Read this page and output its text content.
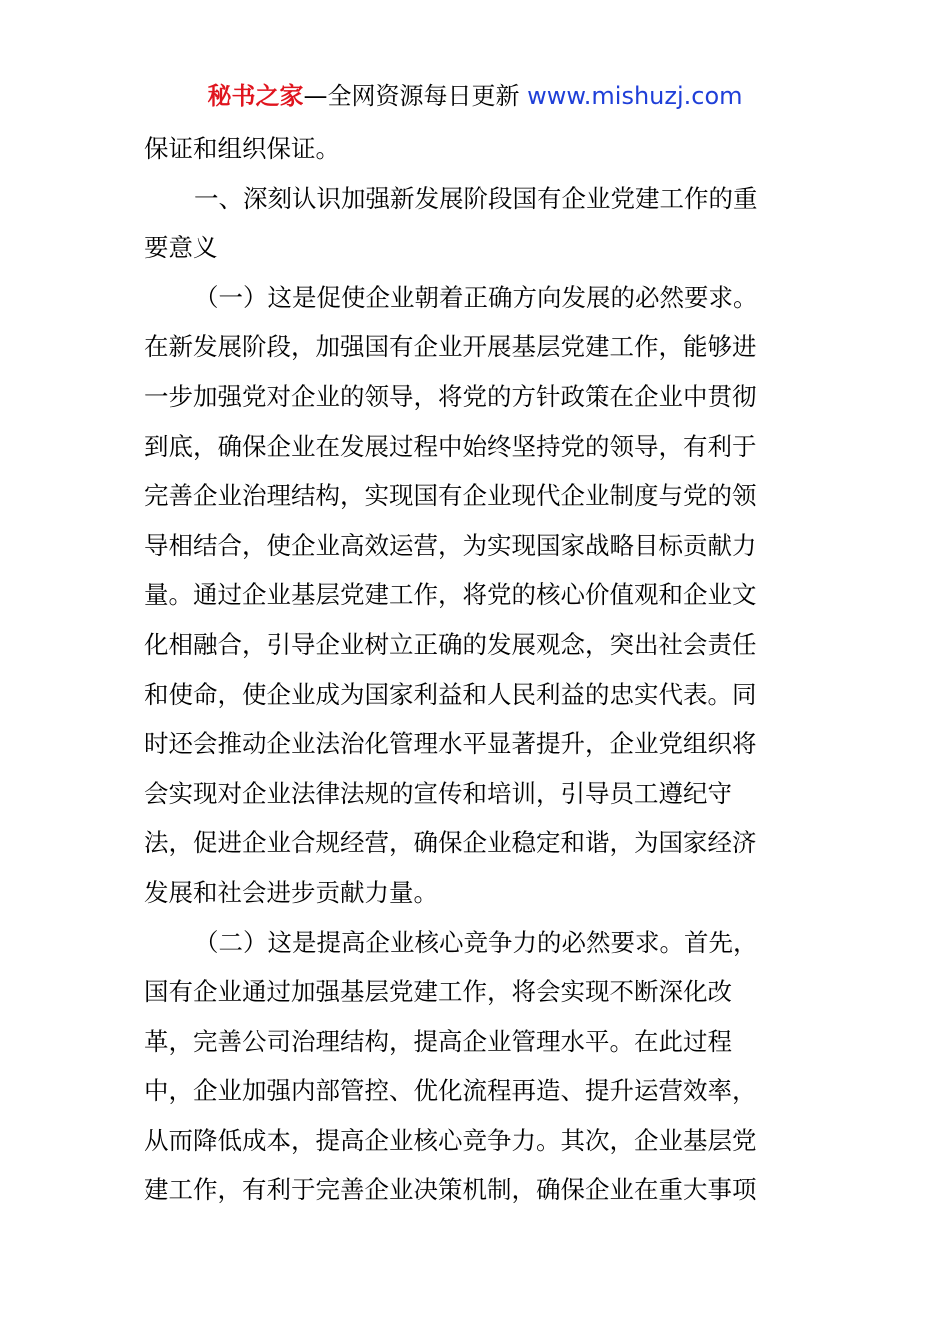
秘书之家—全网资源每日更新 www.mishuzj.com
保证和组织保证。
一、深刻认识加强新发展阶段国有企业党建工作的重
要意义
（一）这是促使企业朝着正确方向发展的必然要求。
在新发展阶段，加强国有企业开展基层党建工作，能够进
一步加强党对企业的领导，将党的方针政策在企业中贯彻
到底，确保企业在发展过程中始终坚持党的领导，有利于
完善企业治理结构，实现国有企业现代企业制度与党的领
导相结合，使企业高效运营，为实现国家战略目标贡献力
量。通过企业基层党建工作，将党的核心价值观和企业文
化相融合，引导企业树立正确的发展观念，突出社会责任
和使命，使企业成为国家利益和人民利益的忠实代表。同
时还会推动企业法治化管理水平显著提升，企业党组织将
会实现对企业法律法规的宣传和培训，引导员工遵纪守
法，促进企业合规经营，确保企业稳定和谐，为国家经济
发展和社会进步贡献力量。
（二）这是提高企业核心竞争力的必然要求。首先，
国有企业通过加强基层党建工作，将会实现不断深化改
革，完善公司治理结构，提高企业管理水平。在此过程
中，企业加强内部管控、优化流程再造、提升运营效率，
从而降低成本，提高企业核心竞争力。其次，企业基层党
建工作，有利于完善企业决策机制，确保企业在重大事项
